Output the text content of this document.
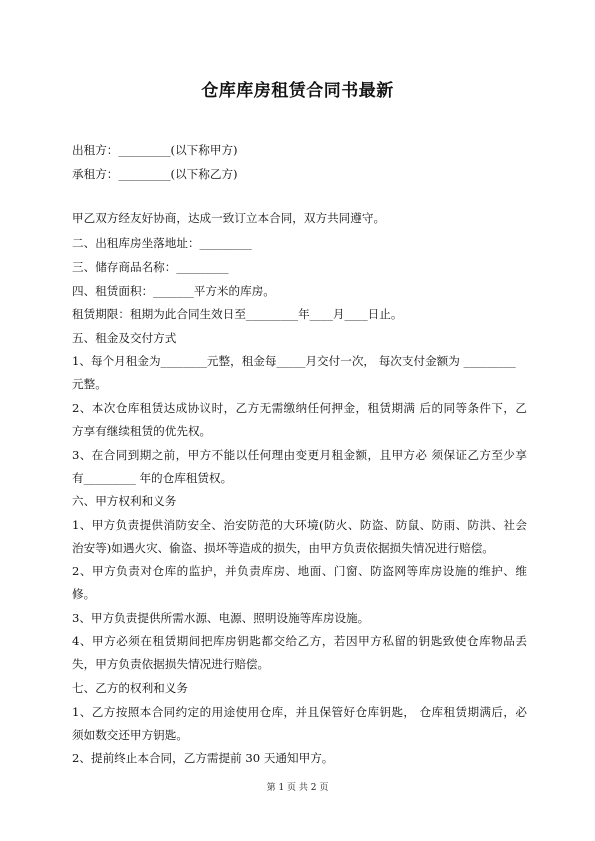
仓库库房租赁合同书最新
出租方：_________(以下称甲方)
承租方：_________(以下称乙方)
甲乙双方经友好协商，达成一致订立本合同，双方共同遵守。
二、出租库房坐落地址：_________
三、储存商品名称：_________
四、租赁面积：_______平方米的库房。
租赁期限：租期为此合同生效日至_________年____月____日止。
五、租金及交付方式
1、每个月租金为________元整，租金每_____月交付一次， 每次支付金额为 _________
元整。
2、本次仓库租赁达成协议时，乙方无需缴纳任何押金，租赁期满 后的同等条件下，乙
方享有继续租赁的优先权。
3、在合同到期之前，甲方不能以任何理由变更月租金额，且甲方必 须保证乙方至少享
有_________ 年的仓库租赁权。
六、甲方权利和义务
1、甲方负责提供消防安全、治安防范的大环境(防火、防盗、防鼠、防雨、防洪、社会
治安等)如遇火灾、偷盗、损坏等造成的损失，由甲方负责依据损失情况进行赔偿。
2、甲方负责对仓库的监护，并负责库房、地面、门窗、防盗网等库房设施的维护、维
修。
3、甲方负责提供所需水源、电源、照明设施等库房设施。
4、甲方必须在租赁期间把库房钥匙都交给乙方，若因甲方私留的钥匙致使仓库物品丢
失，甲方负责依据损失情况进行赔偿。
七、乙方的权利和义务
1、乙方按照本合同约定的用途使用仓库，并且保管好仓库钥匙， 仓库租赁期满后，必
须如数交还甲方钥匙。
2、提前终止本合同，乙方需提前 30 天通知甲方。
第 1 页 共 2 页
